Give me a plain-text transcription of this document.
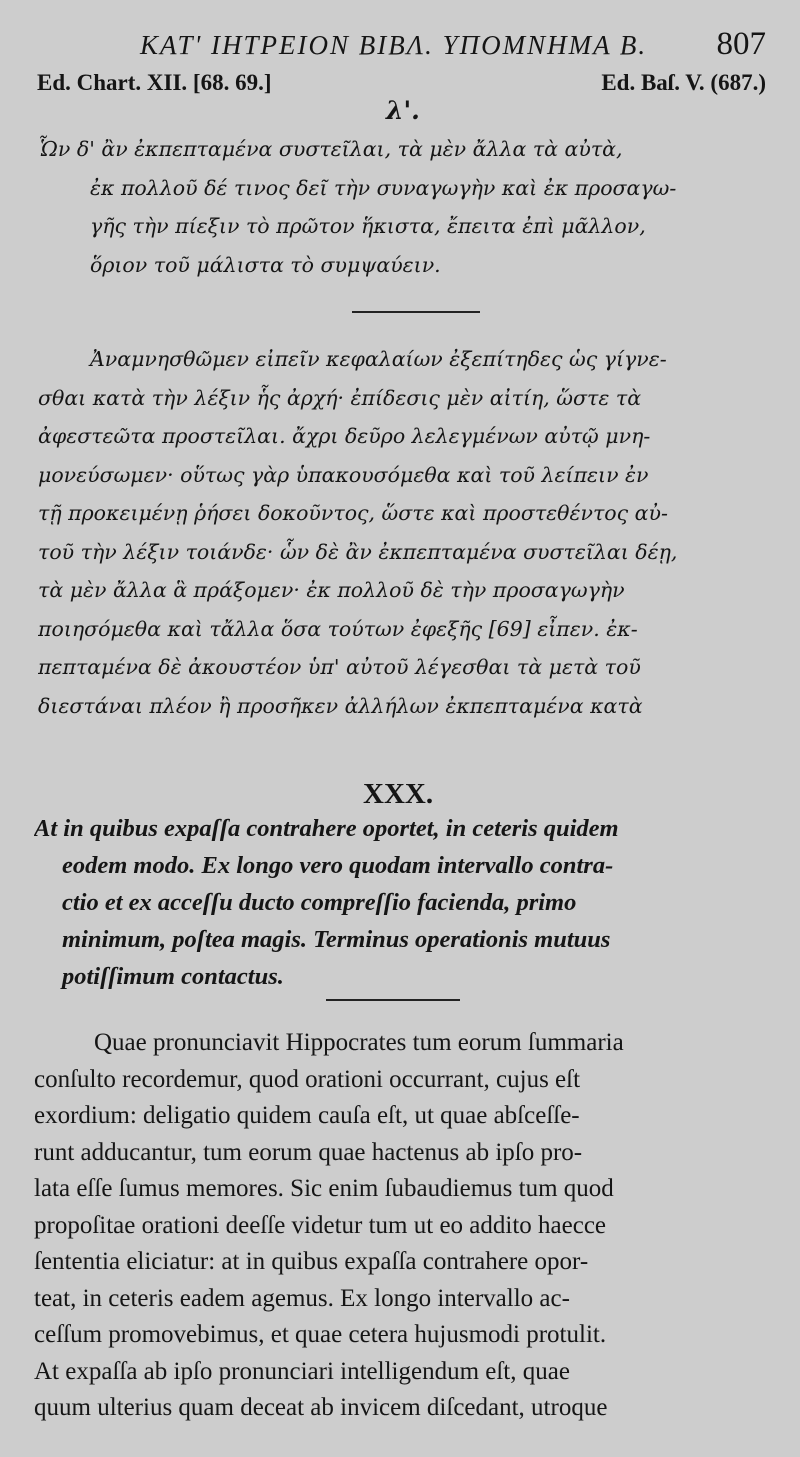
ΚΑΤ' ΙΗΤΡΕΙΟΝ ΒΙΒΛ. ΥΠΟΜΝΗΜΑ Β. 807
Ed. Chart. XII. [68. 69.]	Ed. Baſ. V. (687.)
λ'.
Ὧν δ' ἂν ἐκπεπταμένα συστεῖλαι, τὰ μὲν ἄλλα τὰ αὐτὰ,
ἐκ πολλοῦ δέ τινος δεῖ τὴν συναγωγὴν καὶ ἐκ προσαγω-
γῆς τὴν πίεξιν τὸ πρῶτον ἥκιστα, ἔπειτα ἐπὶ μᾶλλον,
ὅριον τοῦ μάλιστα τὸ συμψαύειν.
Ἀναμνησθῶμεν εἰπεῖν κεφαλαίων ἐξεπίτηδες ὡς γίγνε-
σθαι κατὰ τὴν λέξιν ἧς ἀρχή· ἐπίδεσις μὲν αἰτίη, ὥστε τὰ
ἀφεστεῶτα προστεῖλαι. ἄχρι δεῦρο λελεγμένων αὐτῷ μνη-
μονεύσωμεν· οὕτως γὰρ ὑπακουσόμεθα καὶ τοῦ λείπειν ἐν
τῇ προκειμένῃ ῥήσει δοκοῦντος, ὥστε καὶ προστεθέντος αὐ-
τοῦ τὴν λέξιν τοιάνδε· ὧν δὲ ἂν ἐκπεπταμένα συστεῖλαι δέῃ,
τὰ μὲν ἄλλα ἃ πράξομεν· ἐκ πολλοῦ δὲ τὴν προσαγωγὴν
ποιησόμεθα καὶ τἄλλα ὅσα τούτων ἐφεξῆς [69] εἶπεν. ἐκ-
πεπταμένα δὲ ἀκουστέον ὑπ' αὐτοῦ λέγεσθαι τὰ μετὰ τοῦ
διεστάναι πλέον ἢ προσῆκεν ἀλλήλων ἐκπεπταμένα κατὰ
XXX.
At in quibus expaſſa contrahere oportet, in ceteris quidem
eodem modo. Ex longo vero quodam intervallo contra-
ctio et ex acceſſu ducto compreſſio facienda, primo
minimum, poſtea magis. Terminus operationis mutuus
potiſſimum contactus.
Quae pronunciavit Hippocrates tum eorum ſummaria
conſulto recordemur, quod orationi occurrant, cujus eſt
exordium: deligatio quidem cauſa eſt, ut quae abſceſſe-
runt adducantur, tum eorum quae hactenus ab ipſo pro-
lata eſſe ſumus memores. Sic enim ſubaudiemus tum quod
propoſitae orationi deeſſe videtur tum ut eo addito haecce
ſententia eliciatur: at in quibus expaſſa contrahere opor-
teat, in ceteris eadem agemus. Ex longo intervallo ac-
ceſſum promovebimus, et quae cetera hujusmodi protulit.
At expaſſa ab ipſo pronunciari intelligendum eſt, quae
quum ulterius quam deceat ab invicem diſcedant, utroque
